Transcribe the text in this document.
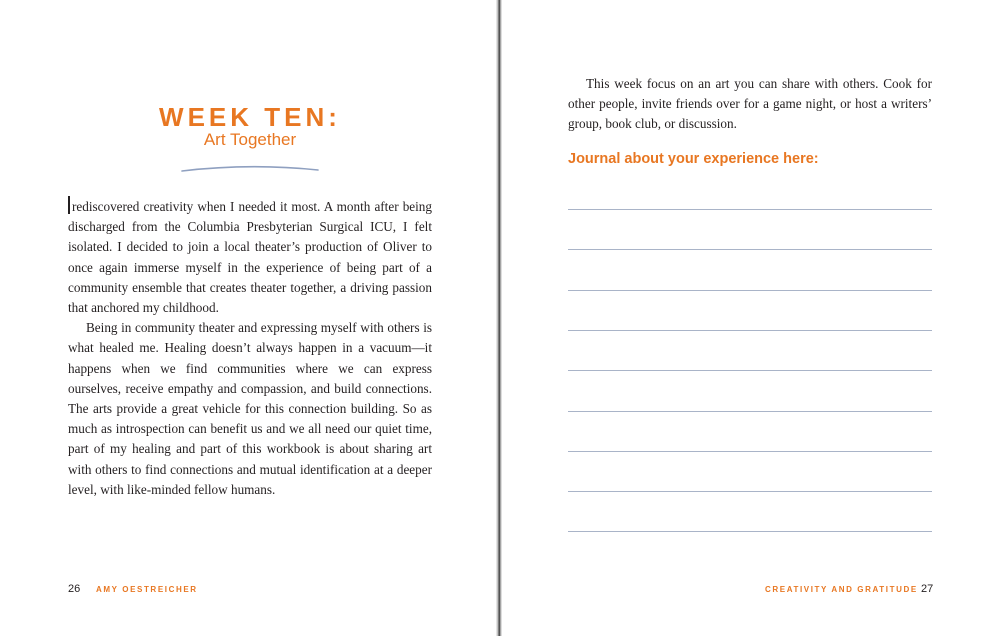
WEEK TEN:
Art Together

rediscovered creativity when I needed it most. A month after being discharged from the Columbia Presbyterian Surgical ICU, I felt isolated. I decided to join a local theater’s production of Oliver to once again immerse myself in the experience of being part of a community ensemble that creates theater together, a driving passion that anchored my childhood.

Being in community theater and expressing myself with others is what healed me. Healing doesn’t always happen in a vacuum—it happens when we find communities where we can express ourselves, receive empathy and compassion, and build connections. The arts provide a great vehicle for this connection building. So as much as introspection can benefit us and we all need our quiet time, part of my healing and part of this workbook is about sharing art with others to find connections and mutual identification at a deeper level, with like-minded fellow humans.

26 AMY OESTREICHER
This week focus on an art you can share with others. Cook for other people, invite friends over for a game night, or host a writers’ group, book club, or discussion.
Journal about your experience here:
CREATIVITY AND GRATITUDE 27
